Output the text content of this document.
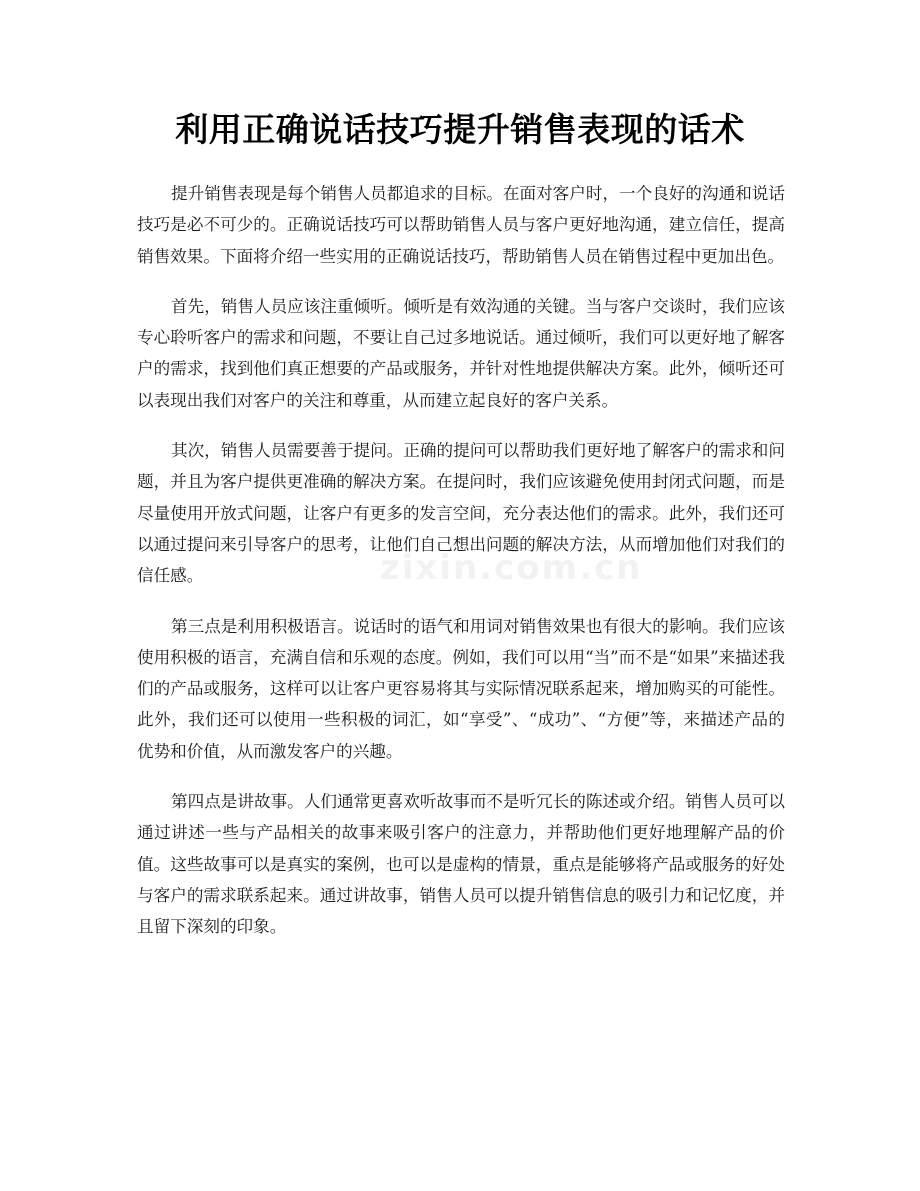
利用正确说话技巧提升销售表现的话术

提升销售表现是每个销售人员都追求的目标。在面对客户时，一个良好的沟通和说话技巧是必不可少的。正确说话技巧可以帮助销售人员与客户更好地沟通，建立信任，提高销售效果。下面将介绍一些实用的正确说话技巧，帮助销售人员在销售过程中更加出色。

首先，销售人员应该注重倾听。倾听是有效沟通的关键。当与客户交谈时，我们应该专心聆听客户的需求和问题，不要让自己过多地说话。通过倾听，我们可以更好地了解客户的需求，找到他们真正想要的产品或服务，并针对性地提供解决方案。此外，倾听还可以表现出我们对客户的关注和尊重，从而建立起良好的客户关系。

其次，销售人员需要善于提问。正确的提问可以帮助我们更好地了解客户的需求和问题，并且为客户提供更准确的解决方案。在提问时，我们应该避免使用封闭式问题，而是尽量使用开放式问题，让客户有更多的发言空间，充分表达他们的需求。此外，我们还可以通过提问来引导客户的思考，让他们自己想出问题的解决方法，从而增加他们对我们的信任感。

第三点是利用积极语言。说话时的语气和用词对销售效果也有很大的影响。我们应该使用积极的语言，充满自信和乐观的态度。例如，我们可以用“当”而不是“如果”来描述我们的产品或服务，这样可以让客户更容易将其与实际情况联系起来，增加购买的可能性。此外，我们还可以使用一些积极的词汇，如“享受”、“成功”、“方便”等，来描述产品的优势和价值，从而激发客户的兴趣。

第四点是讲故事。人们通常更喜欢听故事而不是听冗长的陈述或介绍。销售人员可以通过讲述一些与产品相关的故事来吸引客户的注意力，并帮助他们更好地理解产品的价值。这些故事可以是真实的案例，也可以是虚构的情景，重点是能够将产品或服务的好处与客户的需求联系起来。通过讲故事，销售人员可以提升销售信息的吸引力和记忆度，并且留下深刻的印象。

zixin.com.cn
